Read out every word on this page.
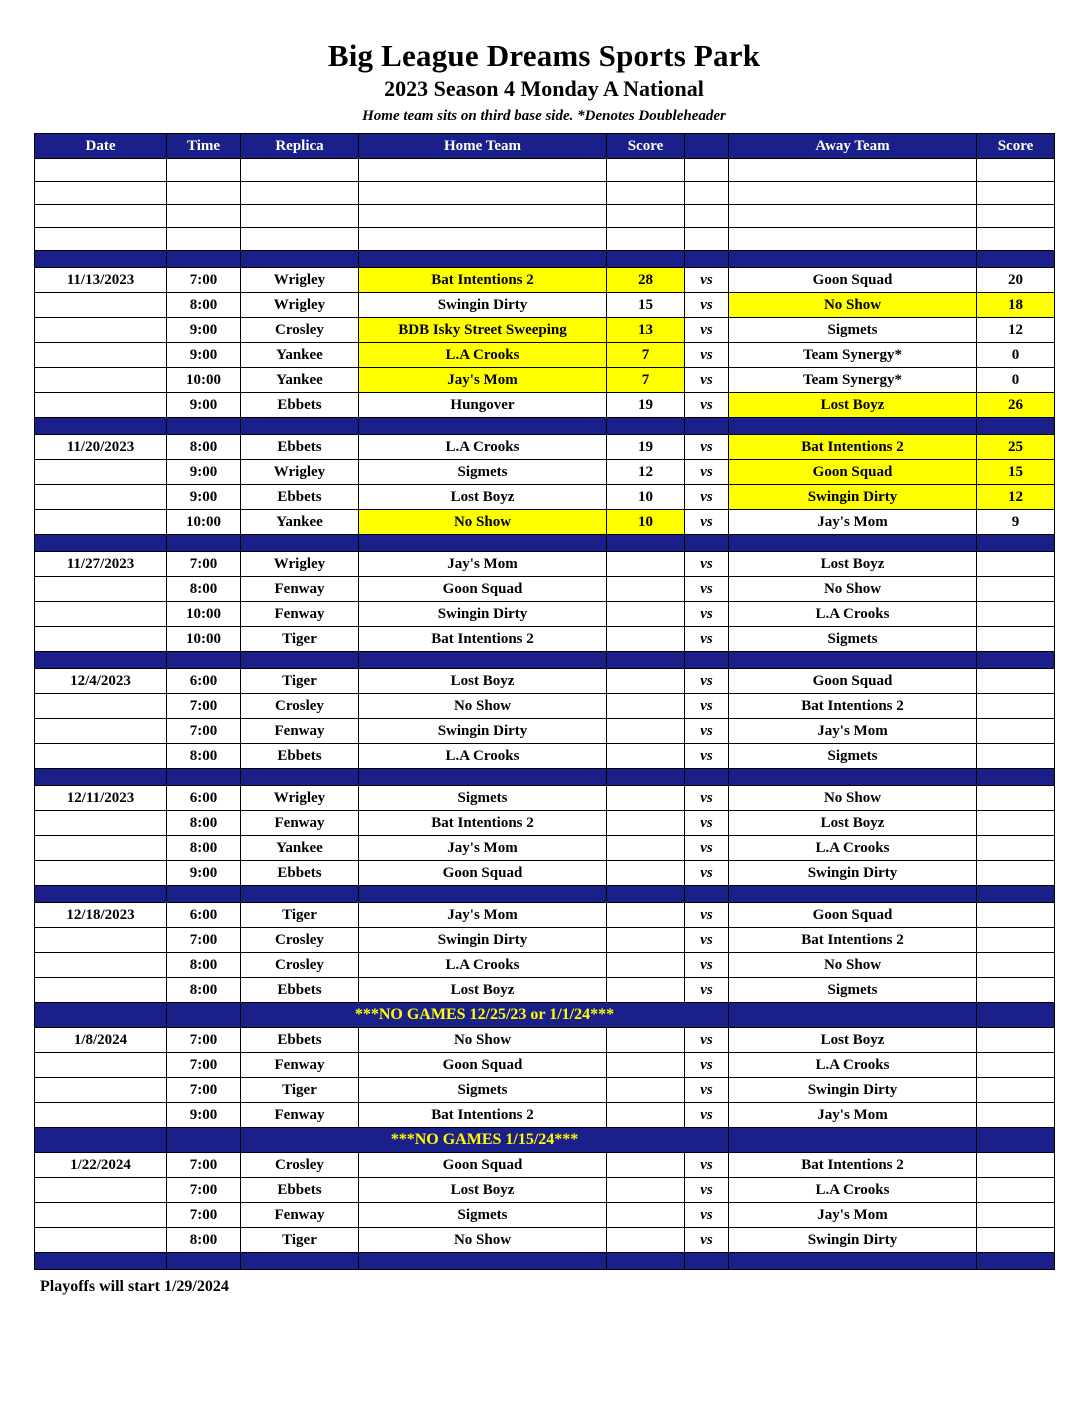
Big League Dreams Sports Park
2023 Season 4 Monday A National
Home team sits on third base side. *Denotes Doubleheader
Date	Time	Replica	Home Team	Score		Away Team	Score

11/13/2023	7:00	Wrigley	Bat Intentions 2	28	vs	Goon Squad	20
	8:00	Wrigley	Swingin Dirty	15	vs	No Show	18
	9:00	Crosley	BDB Isky Street Sweeping	13	vs	Sigmets	12
	9:00	Yankee	L.A Crooks	7	vs	Team Synergy*	0
	10:00	Yankee	Jay's Mom	7	vs	Team Synergy*	0
	9:00	Ebbets	Hungover	19	vs	Lost Boyz	26

11/20/2023	8:00	Ebbets	L.A Crooks	19	vs	Bat Intentions 2	25
	9:00	Wrigley	Sigmets	12	vs	Goon Squad	15
	9:00	Ebbets	Lost Boyz	10	vs	Swingin Dirty	12
	10:00	Yankee	No Show	10	vs	Jay's Mom	9

11/27/2023	7:00	Wrigley	Jay's Mom		vs	Lost Boyz	
	8:00	Fenway	Goon Squad		vs	No Show	
	10:00	Fenway	Swingin Dirty		vs	L.A Crooks	
	10:00	Tiger	Bat Intentions 2		vs	Sigmets	

12/4/2023	6:00	Tiger	Lost Boyz		vs	Goon Squad	
	7:00	Crosley	No Show		vs	Bat Intentions 2	
	7:00	Fenway	Swingin Dirty		vs	Jay's Mom	
	8:00	Ebbets	L.A Crooks		vs	Sigmets	

12/11/2023	6:00	Wrigley	Sigmets		vs	No Show	
	8:00	Fenway	Bat Intentions 2		vs	Lost Boyz	
	8:00	Yankee	Jay's Mom		vs	L.A Crooks	
	9:00	Ebbets	Goon Squad		vs	Swingin Dirty	

12/18/2023	6:00	Tiger	Jay's Mom		vs	Goon Squad	
	7:00	Crosley	Swingin Dirty		vs	Bat Intentions 2	
	8:00	Crosley	L.A Crooks		vs	No Show	
	8:00	Ebbets	Lost Boyz		vs	Sigmets	
		***NO GAMES 12/25/23 or 1/1/24***					
1/8/2024	7:00	Ebbets	No Show		vs	Lost Boyz	
	7:00	Fenway	Goon Squad		vs	L.A Crooks	
	7:00	Tiger	Sigmets		vs	Swingin Dirty	
	9:00	Fenway	Bat Intentions 2		vs	Jay's Mom	
		***NO GAMES 1/15/24***					
1/22/2024	7:00	Crosley	Goon Squad		vs	Bat Intentions 2	
	7:00	Ebbets	Lost Boyz		vs	L.A Crooks	
	7:00	Fenway	Sigmets		vs	Jay's Mom	
	8:00	Tiger	No Show		vs	Swingin Dirty	

Playoffs will start 1/29/2024
